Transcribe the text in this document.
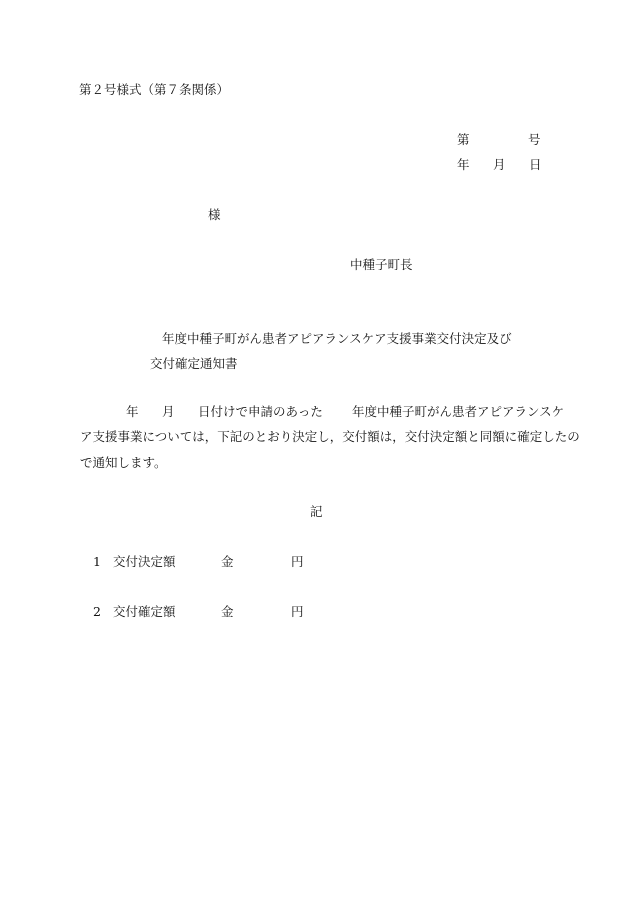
第２号様式（第７条関係）
第	号
年 月 日
様
中種子町長
年度中種子町がん患者アピアランスケア支援事業交付決定及び
交付確定通知書
年 月 日付けで申請のあった 年度中種子町がん患者アピアランスケ
ア支援事業については，下記のとおり決定し，交付額は，交付決定額と同額に確定したの
で通知します。
記
1 交付決定額	金	円
2 交付確定額	金	円
